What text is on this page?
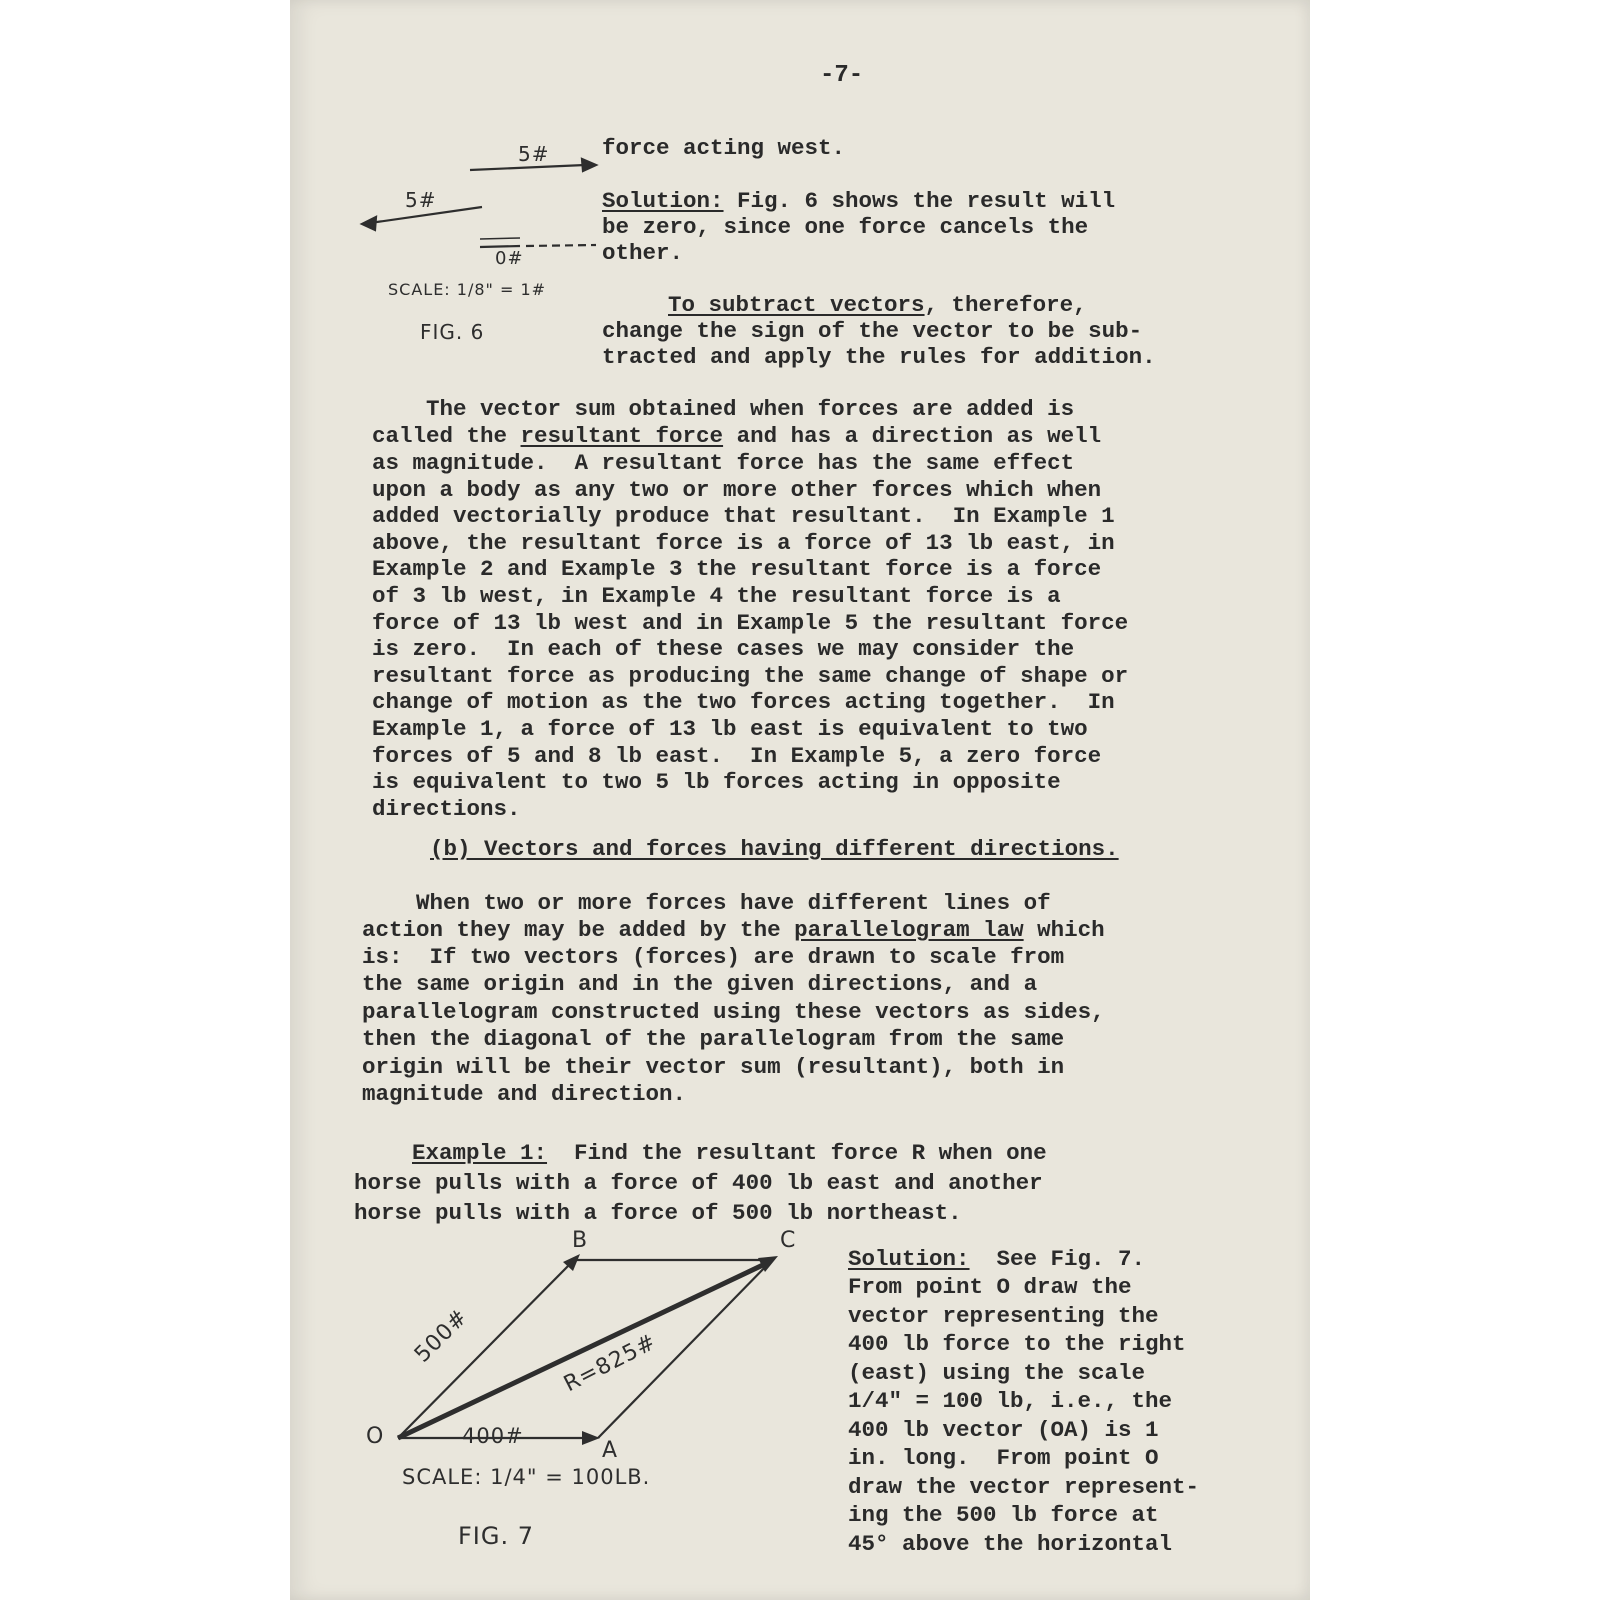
-7-
5#
5#
0#
SCALE: 1/8" = 1#
FIG. 6
force acting west.
Solution: Fig. 6 shows the result will
be zero, since one force cancels the
other.
To subtract vectors, therefore,
change the sign of the vector to be sub-
tracted and apply the rules for addition.
The vector sum obtained when forces are added is
called the resultant force and has a direction as well
as magnitude.  A resultant force has the same effect
upon a body as any two or more other forces which when
added vectorially produce that resultant.  In Example 1
above, the resultant force is a force of 13 lb east, in
Example 2 and Example 3 the resultant force is a force
of 3 lb west, in Example 4 the resultant force is a
force of 13 lb west and in Example 5 the resultant force
is zero.  In each of these cases we may consider the
resultant force as producing the same change of shape or
change of motion as the two forces acting together.  In
Example 1, a force of 13 lb east is equivalent to two
forces of 5 and 8 lb east.  In Example 5, a zero force
is equivalent to two 5 lb forces acting in opposite
directions.
(b) Vectors and forces having different directions.
When two or more forces have different lines of
action they may be added by the parallelogram law which
is:  If two vectors (forces) are drawn to scale from
the same origin and in the given directions, and a
parallelogram constructed using these vectors as sides,
then the diagonal of the parallelogram from the same
origin will be their vector sum (resultant), both in
magnitude and direction.
Example 1:  Find the resultant force R when one
horse pulls with a force of 400 lb east and another
horse pulls with a force of 500 lb northeast.
O
A
B	C
500#
400#
R=825#
SCALE: 1/4" = 100LB.
FIG. 7
Solution:  See Fig. 7.
From point O draw the
vector representing the
400 lb force to the right
(east) using the scale
1/4" = 100 lb, i.e., the
400 lb vector (OA) is 1
in. long.  From point O
draw the vector represent-
ing the 500 lb force at
45° above the horizontal
